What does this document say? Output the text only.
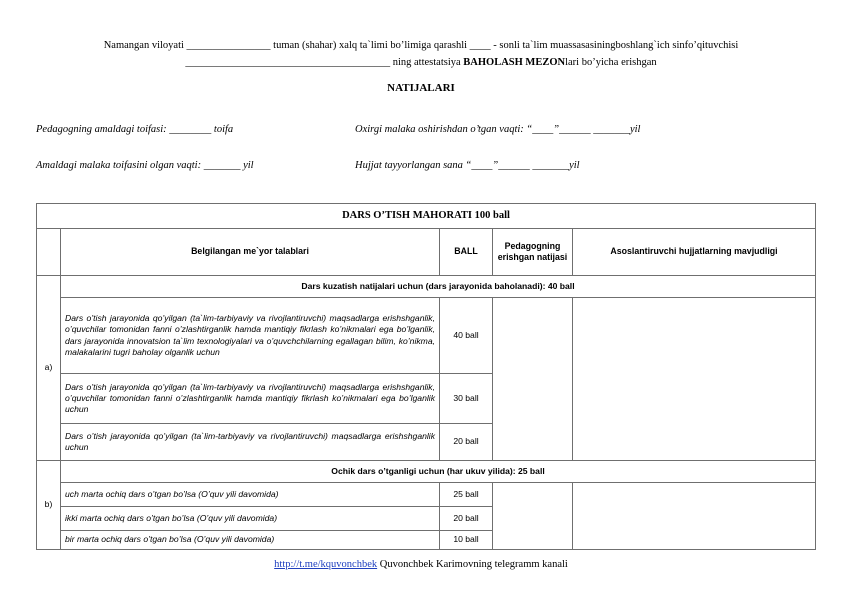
Namangan viloyati ________________ tuman (shahar) xalq ta`limi bo’limiga qarashli ____ - sonli ta`lim muassasasiningboshlang`ich sinfo’qituvchisi
_______________________________________ ning attestatsiya BAHOLASH MEZONlari bo’yicha erishgan
NATIJALARI
Pedagogning amaldagi toifasi: ________ toifa	Oxirgi malaka oshirishdan o’tgan vaqti: “____”______ _______yil
Amaldagi malaka toifasini olgan vaqti: _______ yil	Hujjat tayyorlangan sana “____”______ _______yil
DARS O’TISH MAHORATI 100 ball				
	Belgilangan me`yor talablari	BALL	Pedagogning erishgan natijasi	Asoslantiruvchi hujjatlarning mavjudligi
a)	Dars kuzatish natijalari uchun (dars jarayonida baholanadi): 40 ball			
	Dars o’tish jarayonida qo’yilgan (ta`lim-tarbiyaviy va rivojlantiruvchi) maqsadlarga erishshganlik, o’quvchilar tomonidan fanni o’zlashtirganlik hamda mantiqiy fikrlash ko’nikmalari ega bo’lganlik, dars jarayonida innovatsion ta`lim texnologiyalari va o’quvchchilarning egallagan bilim, ko’nikma, malakalarini tugri baholay olganlik uchun	40 ball		
	Dars o’tish jarayonida qo’yilgan (ta`lim-tarbiyaviy va rivojlantiruvchi) maqsadlarga erishshganlik, o’quvchilar tomonidan fanni o’zlashtirganlik hamda mantiqiy fikrlash ko’nikmalari ega bo’lganlik uchun	30 ball		
	Dars o’tish jarayonida qo’yilgan (ta`lim-tarbiyaviy va rivojlantiruvchi) maqsadlarga erishshganlik uchun	20 ball		
b)	Ochik dars o’tganligi uchun (har ukuv yilida): 25 ball			
	uch marta ochiq dars o’tgan bo’lsa (O’quv yili davomida)	25 ball		
	ikki marta ochiq dars o’tgan bo’lsa (O’quv yili davomida)	20 ball		
	bir marta ochiq dars o’tgan bo’lsa (O’quv yili davomida)	10 ball		
http://t.me/kquvonchbek Quvonchbek Karimovning telegramm kanali
